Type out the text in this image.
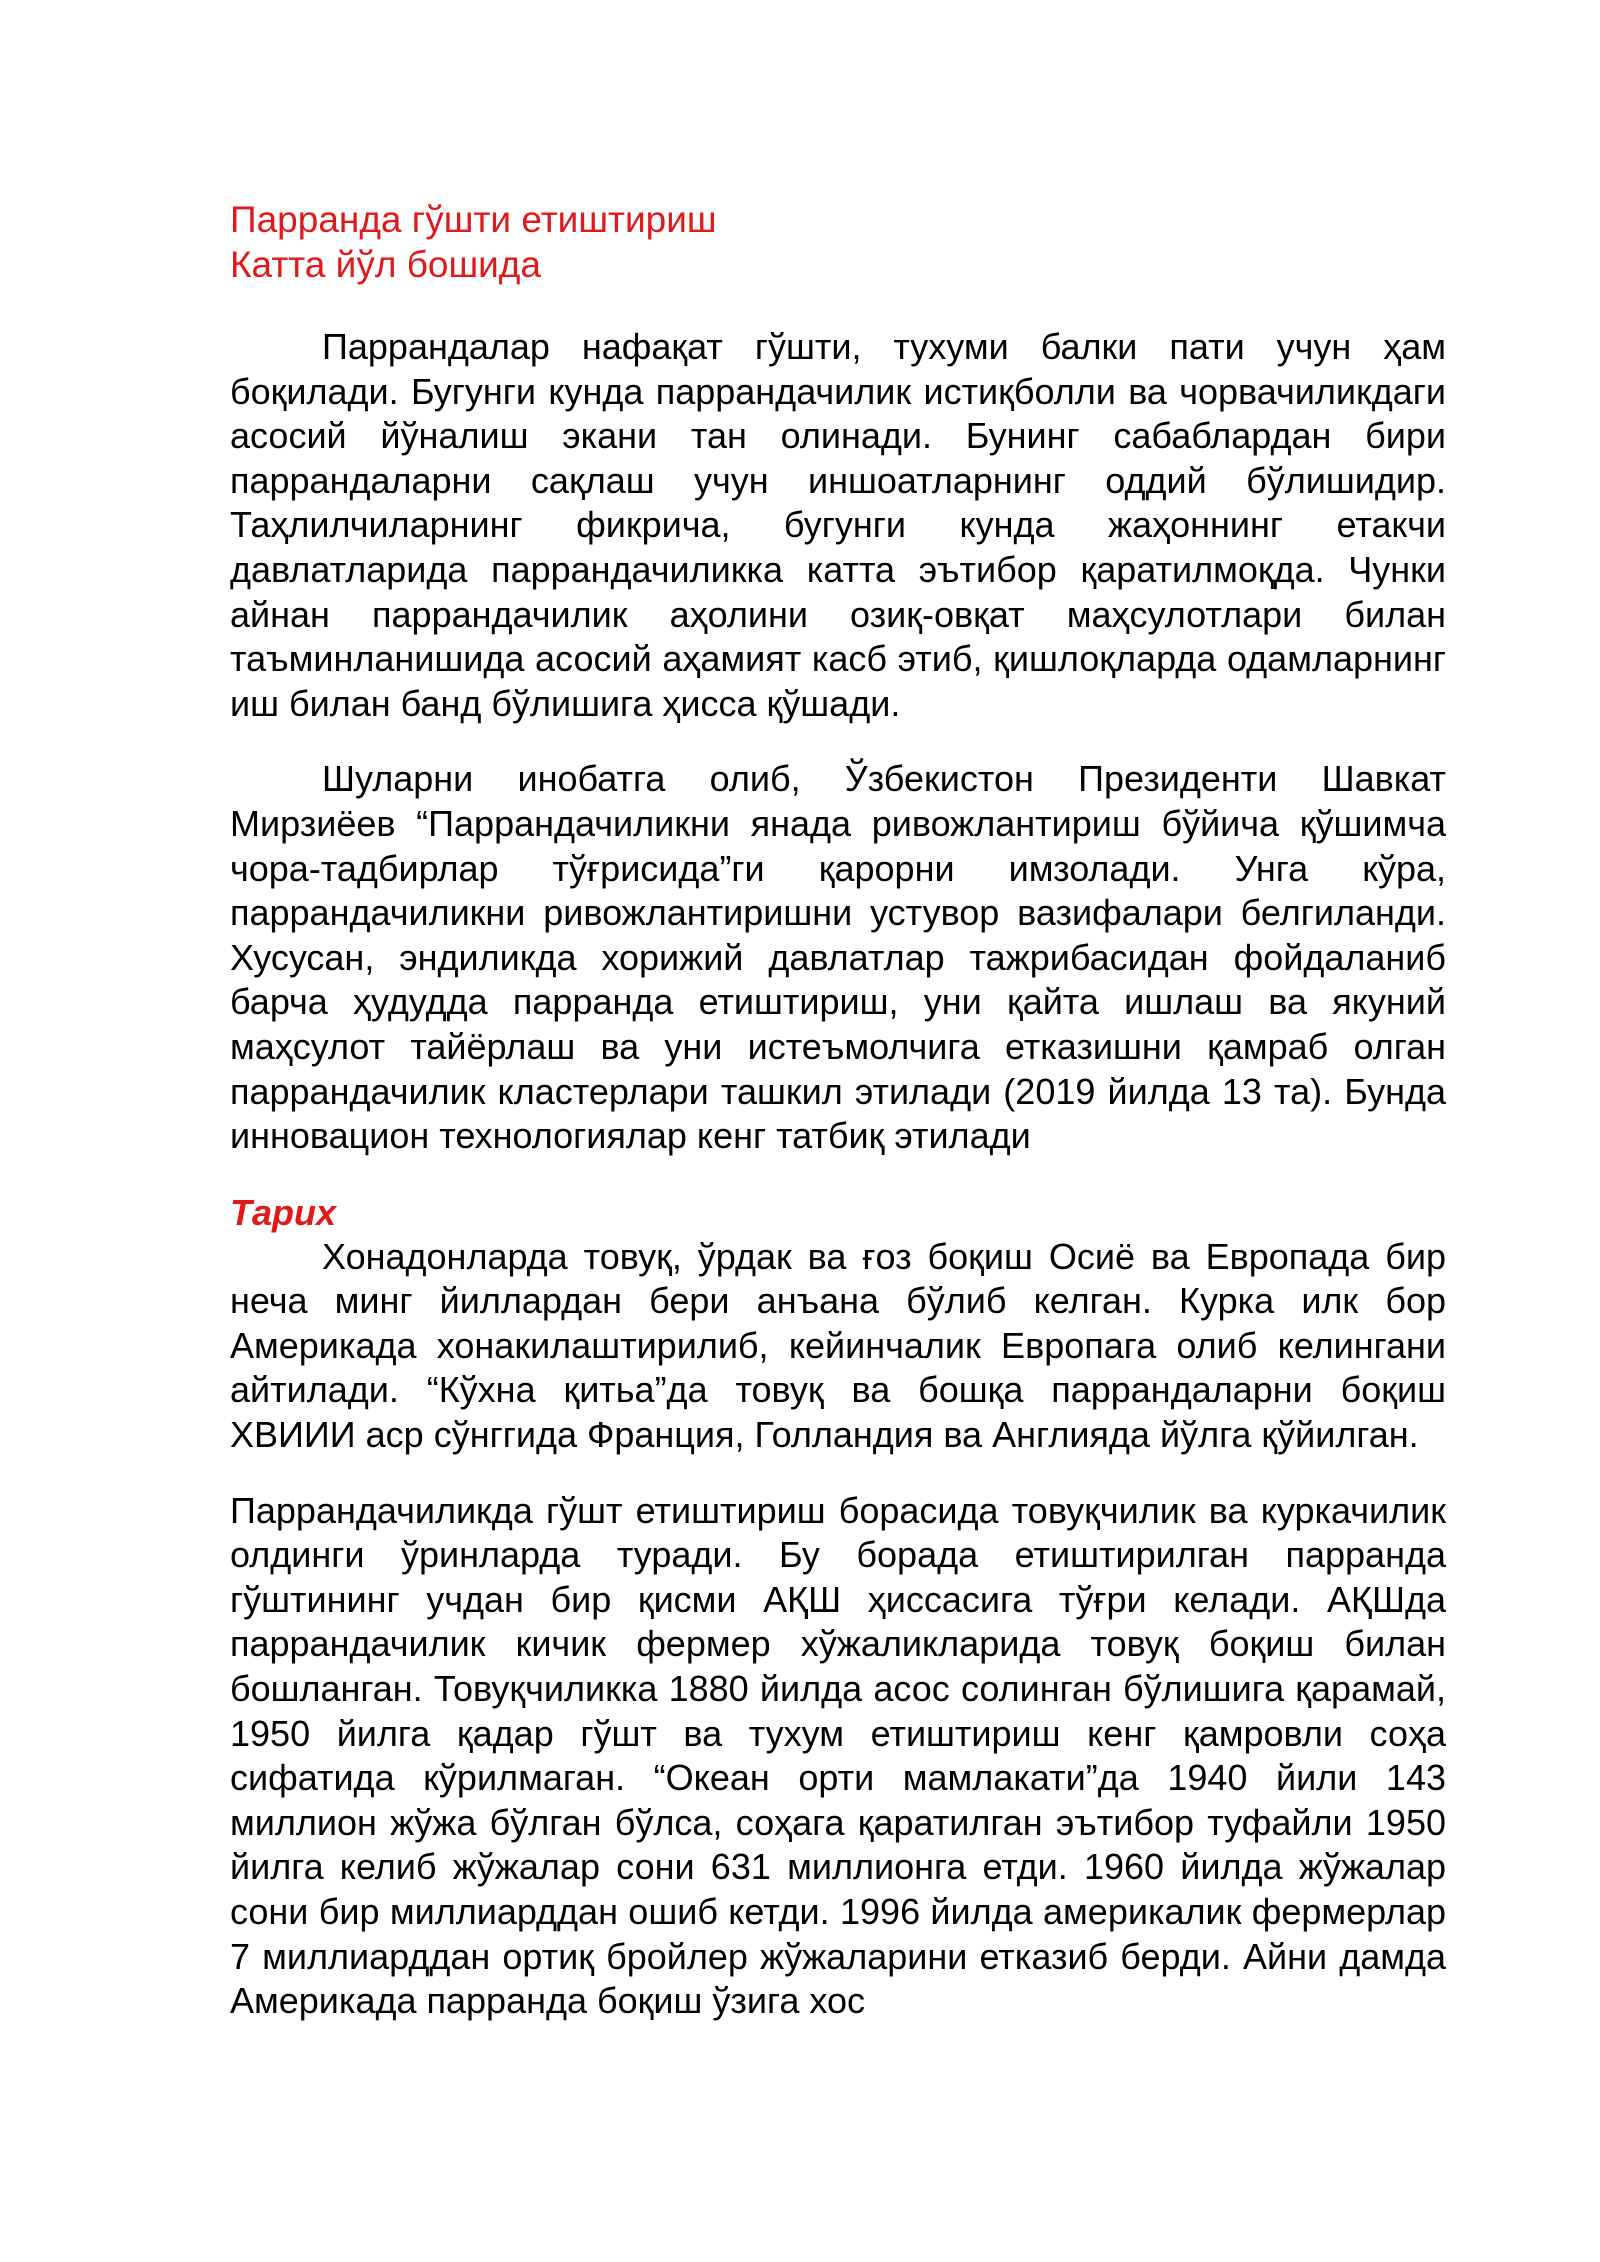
Парранда гўшти етиштириш
Катта йўл бошида

Паррандалар нафақат гўшти, тухуми балки пати учун ҳам боқилади. Бугунги кунда паррандачилик истиқболли ва чорвачиликдаги асосий йўналиш экани тан олинади. Бунинг сабаблардан бири паррандаларни сақлаш учун иншоатларнинг оддий бўлишидир. Таҳлилчиларнинг фикрича, бугунги кунда жаҳоннинг етакчи давлатларида паррандачиликка катта эътибор қаратилмоқда. Чунки айнан паррандачилик аҳолини озиқ-овқат маҳсулотлари билан таъминланишида асосий аҳамият касб этиб, қишлоқларда одамларнинг иш билан банд бўлишига ҳисса қўшади.

Шуларни инобатга олиб, Ўзбекистон Президенти Шавкат Мирзиёев “Паррандачиликни янада ривожлантириш бўйича қўшимча чора-тадбирлар тўғрисида”ги қарорни имзолади. Унга кўра, паррандачиликни ривожлантиришни устувор вазифалари белгиланди. Хусусан, эндиликда хорижий давлатлар тажрибасидан фойдаланиб барча ҳудудда парранда етиштириш, уни қайта ишлаш ва якуний маҳсулот тайёрлаш ва уни истеъмолчига етказишни қамраб олган паррандачилик кластерлари ташкил этилади (2019 йилда 13 та). Бунда инновацион технологиялар кенг татбиқ этилади

Тарих

Хонадонларда товуқ, ўрдак ва ғоз боқиш Осиё ва Европада бир неча минг йиллардан бери анъана бўлиб келган. Курка илк бор Америкада хонакилаштирилиб, кейинчалик Европага олиб келингани айтилади. “Кўхна қитьа”да товуқ ва бошқа паррандаларни боқиш ХВИИИ аср сўнггида Франция, Голландия ва Англияда йўлга қўйилган.

Паррандачиликда гўшт етиштириш борасида товуқчилик ва куркачилик олдинги ўринларда туради. Бу борада етиштирилган парранда гўштининг учдан бир қисми АҚШ ҳиссасига тўғри келади. АҚШда паррандачилик кичик фермер хўжаликларида товуқ боқиш билан бошланган. Товуқчиликка 1880 йилда асос солинган бўлишига қарамай, 1950 йилга қадар гўшт ва тухум етиштириш кенг қамровли соҳа сифатида кўрилмаган. “Океан орти мамлакати”да 1940 йили 143 миллион жўжа бўлган бўлса, соҳага қаратилган эътибор туфайли 1950 йилга келиб жўжалар сони 631 миллионга етди. 1960 йилда жўжалар сони бир миллиарддан ошиб кетди. 1996 йилда америкалик фермерлар 7 миллиарддан ортиқ бройлер жўжаларини етказиб берди. Айни дамда Америкада парранда боқиш ўзига хос
